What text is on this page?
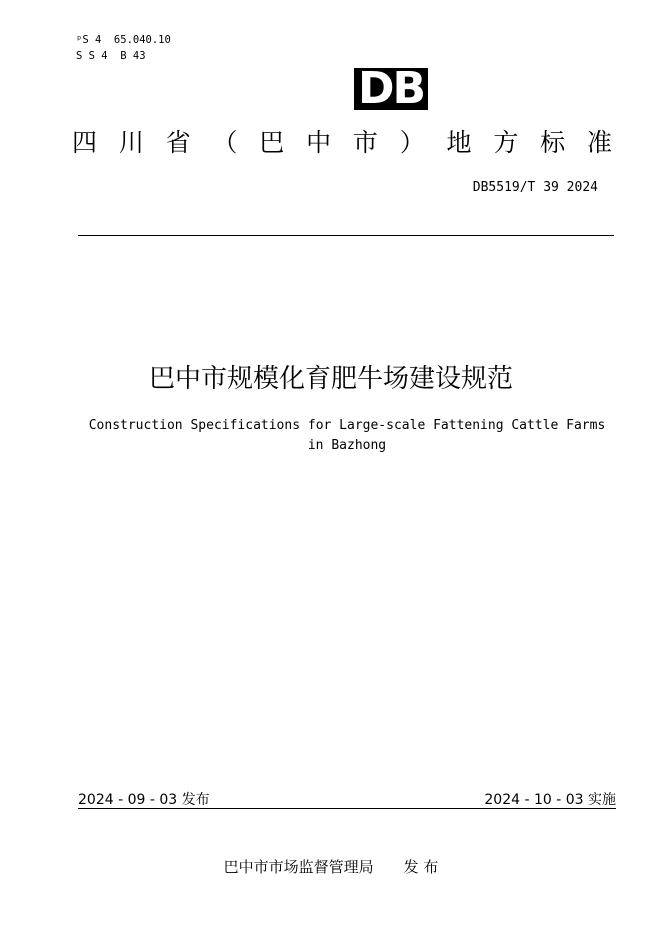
ᵖS 4  65.040.10
S S 4  B 43
DB
四 川 省 （ 巴 中 市 ） 地 方 标 准
DB5519/T 39 2024
巴中市规模化育肥牛场建设规范
Construction Specifications for Large-scale Fattening Cattle Farms in Bazhong
2024 - 09 - 03 发布	2024 - 10 - 03 实施
巴中市市场监督管理局 发 布
